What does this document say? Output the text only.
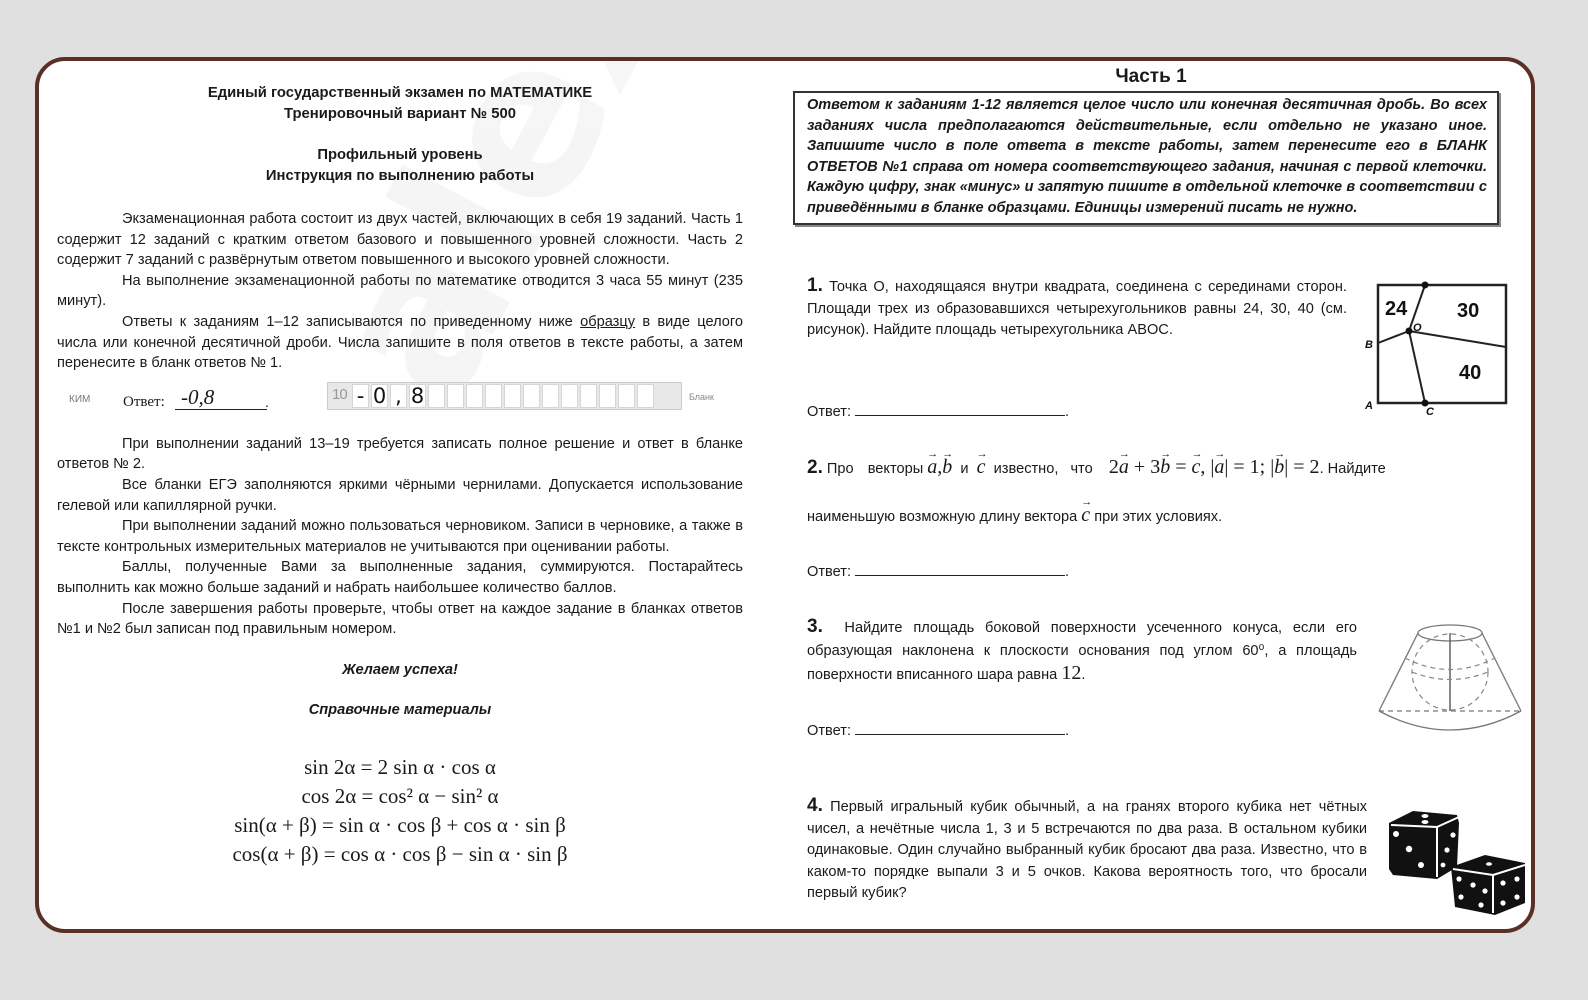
Единый государственный экзамен по МАТЕМАТИКЕ
Тренировочный вариант № 500
Профильный уровень
Инструкция по выполнению работы

Экзаменационная работа состоит из двух частей, включающих в себя 19 заданий. Часть 1 содержит 12 заданий с кратким ответом базового и повышенного уровней сложности. Часть 2 содержит 7 заданий с развёрнутым ответом повышенного и высокого уровней сложности.

На выполнение экзаменационной работы по математике отводится 3 часа 55 минут (235 минут).

Ответы к заданиям 1–12 записываются по приведенному ниже образцу в виде целого числа или конечной десятичной дроби. Числа запишите в поля ответов в тексте работы, а затем перенесите в бланк ответов № 1.

КИМ Ответ: -0,8	.	10 - 0 , 8	Бланк

При выполнении заданий 13–19 требуется записать полное решение и ответ в бланке ответов № 2.

Все бланки ЕГЭ заполняются яркими чёрными чернилами. Допускается использование гелевой или капиллярной ручки.

При выполнении заданий можно пользоваться черновиком. Записи в черновике, а также в тексте контрольных измерительных материалов не учитываются при оценивании работы.

Баллы, полученные Вами за выполненные задания, суммируются. Постарайтесь выполнить как можно больше заданий и набрать наибольшее количество баллов.

После завершения работы проверьте, чтобы ответ на каждое задание в бланках ответов №1 и №2 был записан под правильным номером.

Желаем успеха!
Справочные материалы
sin 2α = 2 sin α · cos α
cos 2α = cos² α − sin² α
sin(α + β) = sin α · cos β + cos α · sin β
cos(α + β) = cos α · cos β − sin α · sin β
Часть 1
Ответом к заданиям 1-12 является целое число или конечная десятичная дробь. Во всех заданиях числа предполагаются действительные, если отдельно не указано иное. Запишите число в поле ответа в тексте работы, затем перенесите его в БЛАНК ОТВЕТОВ №1 справа от номера соответствующего задания, начиная с первой клеточки. Каждую цифру, знак «минус» и запятую пишите в отдельной клеточке в соответствии с приведёнными в бланке образцами. Единицы измерений писать не нужно.
1. Точка O, находящаяся внутри квадрата, соединена с серединами сторон. Площади трех из образовавшихся четырехугольников равны 24, 30, 40 (см. рисунок). Найдите площадь четырехугольника ABOC.
24 30
40
O
B
A	C
Ответ:	.
2. Про векторы → a,→ b и → c известно, что 2→ a + 3→ b = → c, |→ a| = 1; |→ b| = 2. Найдите
наименьшую возможную длину вектора → c при этих условиях.
Ответ:	.
3. Найдите площадь боковой поверхности усеченного конуса, если его образующая наклонена к плоскости основания под углом 60⁰, а площадь поверхности вписанного шара равна 12.
Ответ:	.
4. Первый игральный кубик обычный, а на гранях второго кубика нет чётных чисел, а нечётные числа 1, 3 и 5 встречаются по два раза. В остальном кубики одинаковые. Один случайно выбранный кубик бросают два раза. Известно, что в каком-то порядке выпали 3 и 5 очков. Какова вероятность того, что бросали первый кубик?
